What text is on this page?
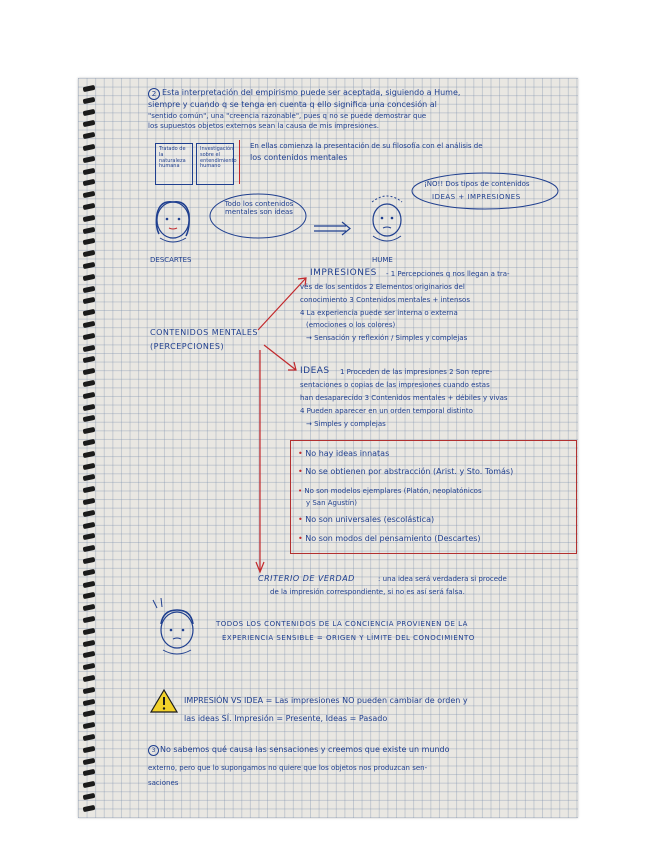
2 Esta interpretación del empirismo puede ser aceptada, siguiendo a Hume,
siempre y cuando q se tenga en cuenta q ello significa una concesión al
"sentido común", una "creencia razonable", pues q no se puede demostrar que
los supuestos objetos externos sean la causa de mis impresiones.
Tratado de la naturaleza humana
Investigación sobre el entendimiento humano
En ellas comienza la presentación de su filosofía con el análisis de
los contenidos mentales
Todo los contenidos mentales son ideas
DESCARTES
¡NO!! Dos tipos de contenidos
IDEAS + IMPRESIONES
HUME
CONTENIDOS MENTALES
(PERCEPCIONES)
IMPRESIONES - 1 Percepciones q nos llegan a tra-
vés de los sentidos 2 Elementos originarios del
conocimiento 3 Contenidos mentales + intensos
4 La experiencia puede ser interna o externa
(emociones o los colores)
→ Sensación y reflexión / Simples y complejas
IDEAS 1 Proceden de las impresiones 2 Son repre-
sentaciones o copias de las impresiones cuando estas
han desaparecido 3 Contenidos mentales + débiles y vivas
4 Pueden aparecer en un orden temporal distinto
→ Simples y complejas
• No hay ideas innatas
• No se obtienen por abstracción (Arist. y Sto. Tomás)
• No son modelos ejemplares (Platón, neoplatónicos
y San Agustín)
• No son universales (escolástica)
• No son modos del pensamiento (Descartes)
CRITERIO DE VERDAD	: una idea será verdadera si procede
de la impresión correspondiente, si no es así será falsa.
TODOS LOS CONTENIDOS DE LA CONCIENCIA PROVIENEN DE LA
EXPERIENCIA SENSIBLE = ORIGEN Y LÍMITE DEL CONOCIMIENTO
IMPRESIÓN VS IDEA = Las impresiones NO pueden cambiar de orden y
las ideas SÍ. Impresión = Presente, Ideas = Pasado
3 No sabemos qué causa las sensaciones y creemos que existe un mundo
externo, pero que lo supongamos no quiere que los objetos nos produzcan sen-
saciones
